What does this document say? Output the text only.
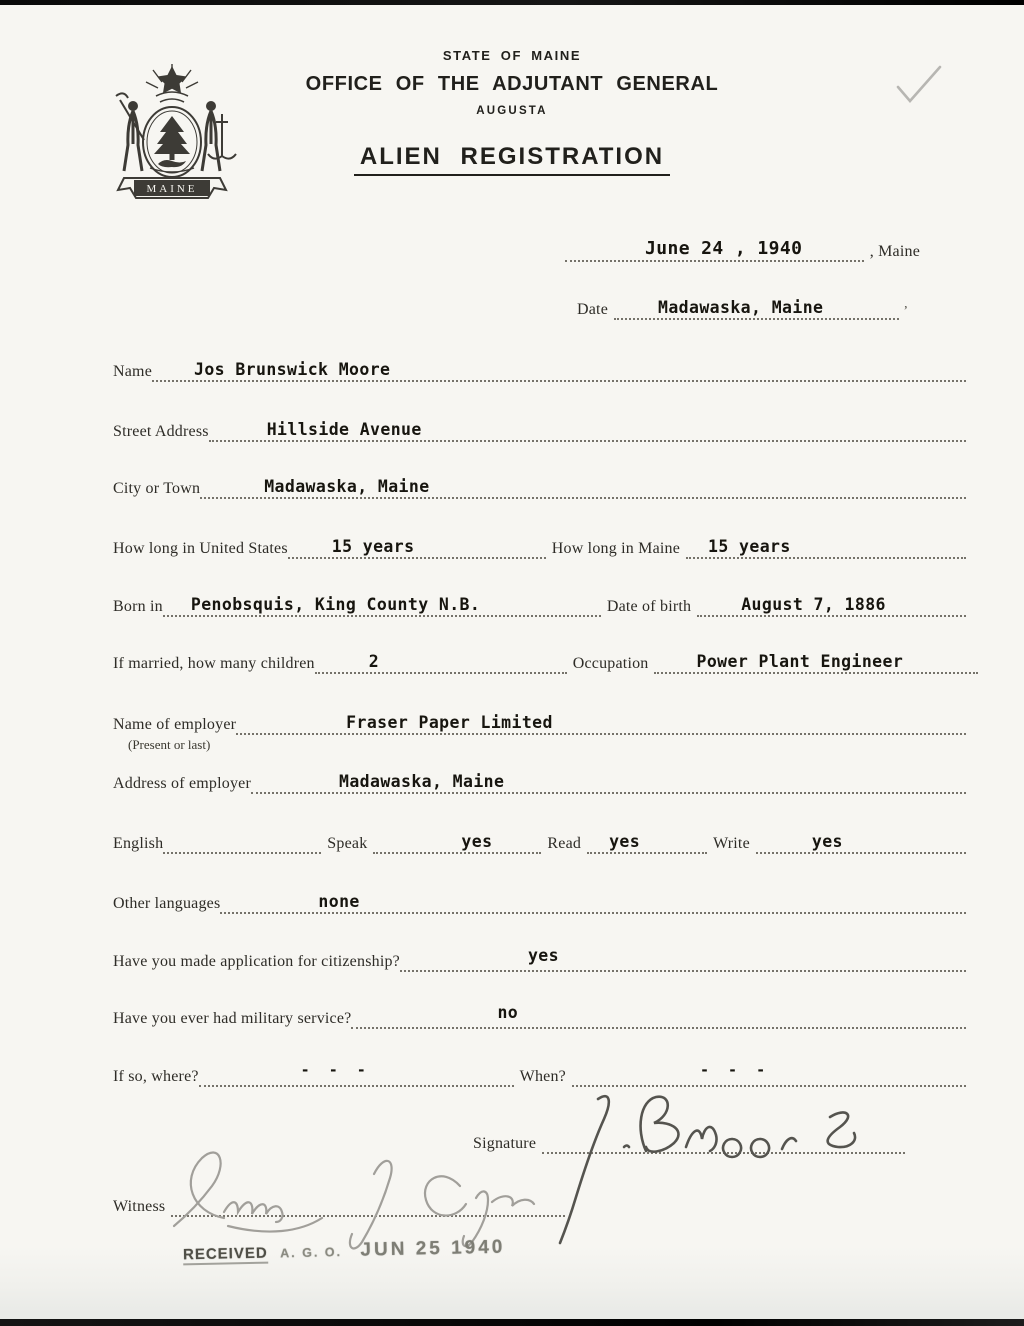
STATE OF MAINE
OFFICE OF THE ADJUTANT GENERAL
AUGUSTA
ALIEN REGISTRATION
MAINE
June 24 , 1940	, Maine
Date	Madawaska, Maine	’
Name	Jos Brunswick Moore
Street Address	Hillside Avenue
City or Town	Madawaska, Maine
How long in United States	15 years	How long in Maine 15 years
Born in Penobsquis, King County N.B.	Date of birth	August 7, 1886
If married, how many children	2	Occupation	Power Plant Engineer
Name of employer	Fraser Paper Limited
(Present or last)
Address of employer	Madawaska, Maine
English	Speak	yes	Read yes	Write	yes
Other languages	none
Have you made application for citizenship?	yes
Have you ever had military service?	no
If so, where?	- - -	When?	- - -
Signature
Witness
RECEIVED A. G. O. JUN 25 1940
